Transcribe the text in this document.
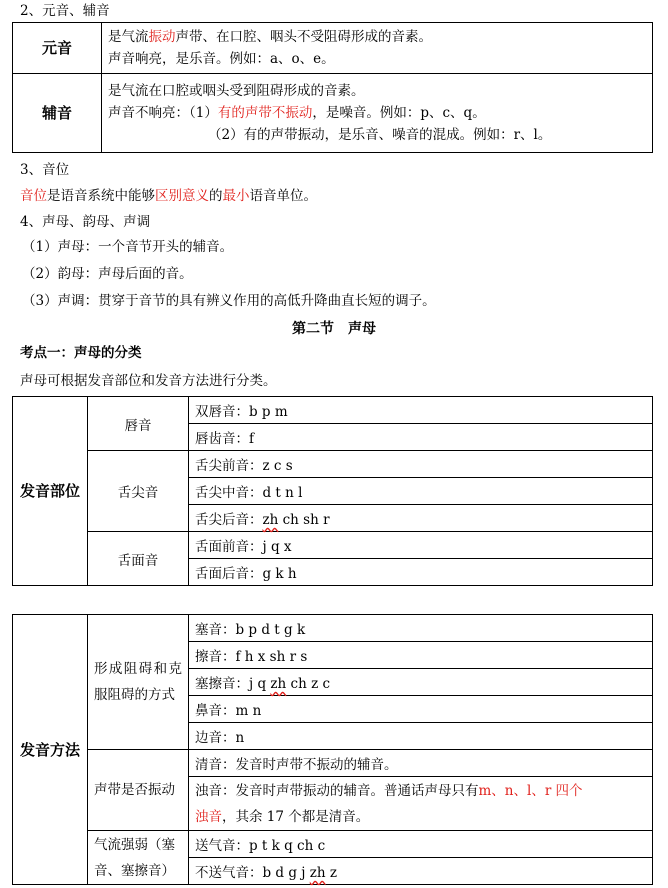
2、元音、辅音
元音	是气流振动声带、在口腔、咽头不受阻碍形成的音素。
声音响亮，是乐音。例如：a、o、e。

辅音	是气流在口腔或咽头受到阻碍形成的音素。
声音不响亮：（1）有的声带不振动，是噪音。例如：p、c、q。
（2）有的声带振动，是乐音、噪音的混成。例如：r、l。
3、音位
音位是语音系统中能够区别意义的最小语音单位。
4、声母、韵母、声调
（1）声母：一个音节开头的辅音。
（2）韵母：声母后面的音。
（3）声调：贯穿于音节的具有辨义作用的高低升降曲直长短的调子。
第二节　声母
考点一：声母的分类
声母可根据发音部位和发音方法进行分类。
发音部位	唇音	双唇音：b p m
		唇齿音：f
	舌尖音	舌尖前音：z c s
		舌尖中音：d t n l
		舌尖后音：zh ch sh r
	舌面音	舌面前音：j q x
		舌面后音：g k h
发音方法	形成阻碍和克服阻碍的方式	塞音：b p d t g k
		擦音：f h x sh r s
		塞擦音：j q zh ch z c
		鼻音：m n
		边音：n
	声带是否振动	清音：发音时声带不振动的辅音。
		浊音：发音时声带振动的辅音。普通话声母只有m、n、l、r 四个
浊音，其余 17 个都是清音。
	气流强弱（塞音、塞擦音）	送气音：p t k q ch c
		不送气音：b d g j zh z
